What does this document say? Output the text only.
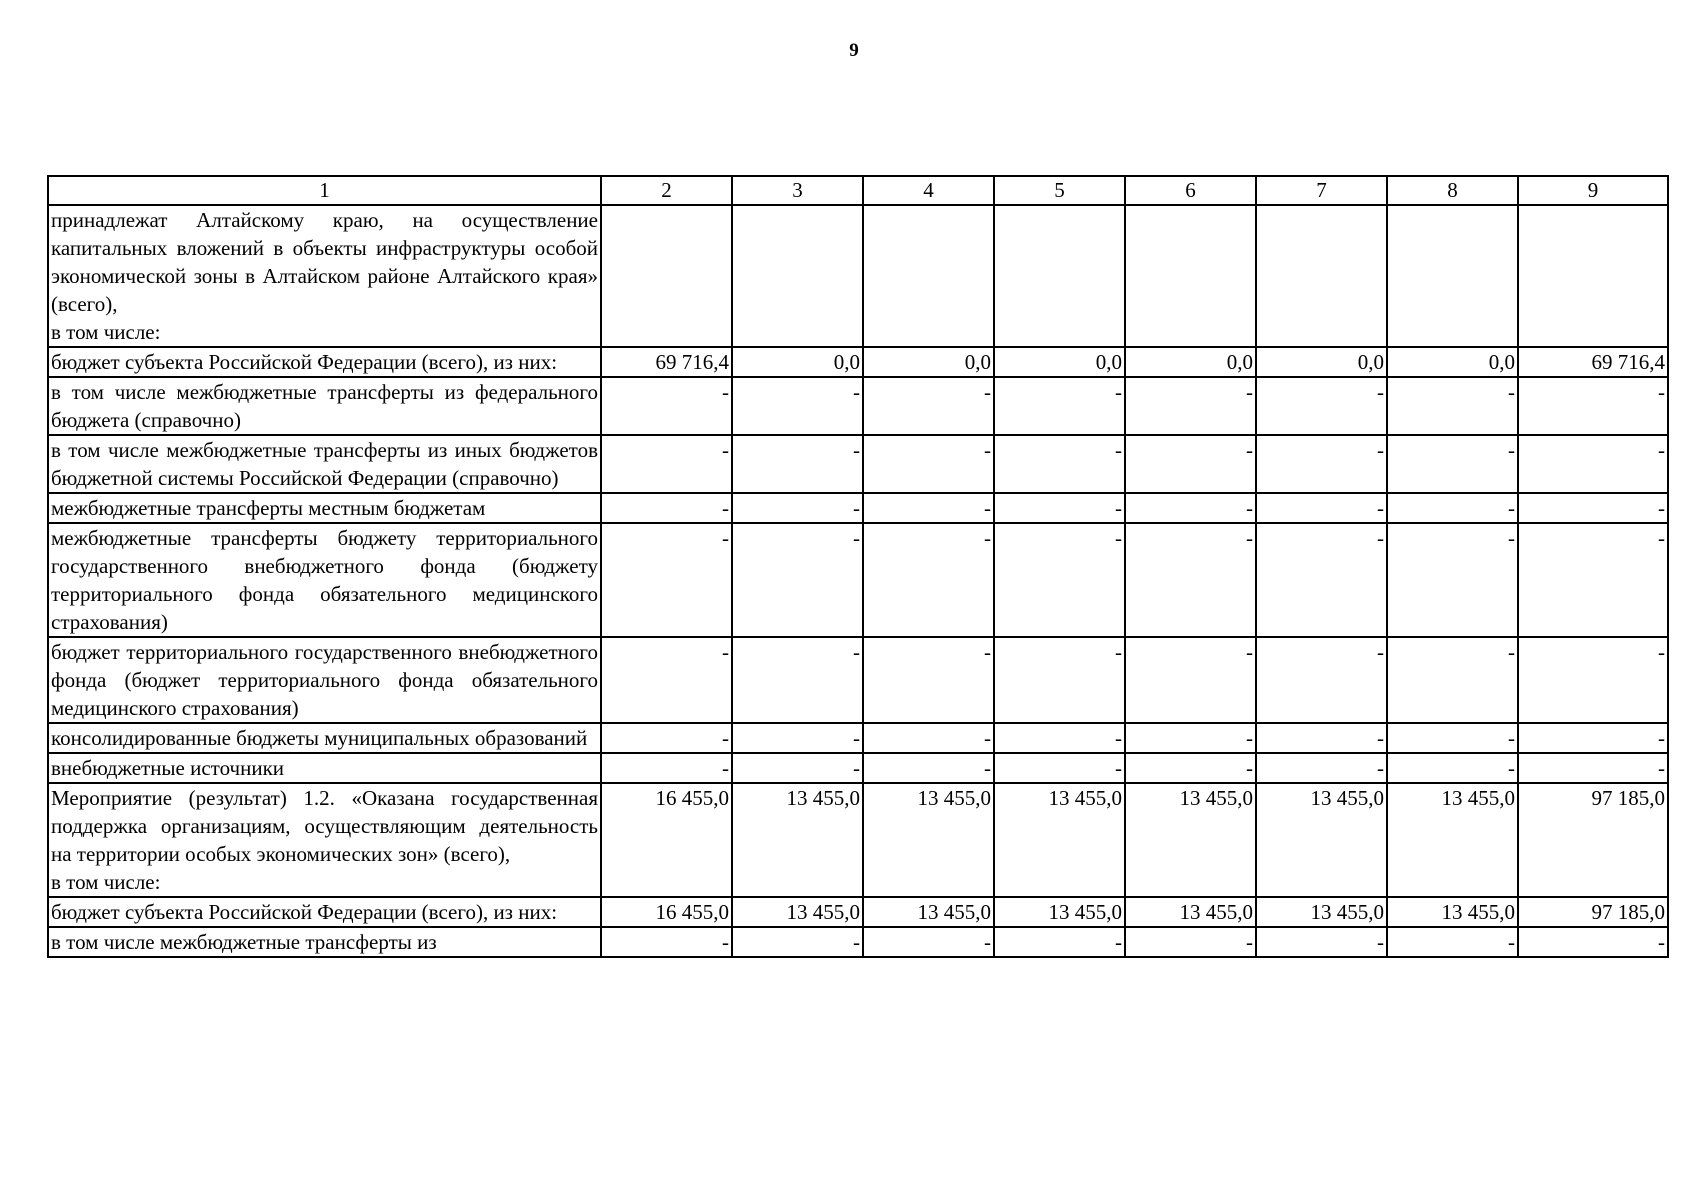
9
1	2	3	4	5	6	7	8	9
принадлежат Алтайскому краю, на осуществление капитальных вложений в объекты инфраструктуры особой экономической зоны в Алтайском районе Алтайского края» (всего),
в том числе:								
бюджет субъекта Российской Федерации (всего), из них:	69 716,4	0,0	0,0	0,0	0,0	0,0	0,0	69 716,4
в том числе межбюджетные трансферты из федерального бюджета (справочно)	-	-	-	-	-	-	-	-
в том числе межбюджетные трансферты из иных бюджетов бюджетной системы Российской Федерации (справочно)	-	-	-	-	-	-	-	-
межбюджетные трансферты местным бюджетам	-	-	-	-	-	-	-	-
межбюджетные трансферты бюджету территориального государственного внебюджетного фонда (бюджету территориального фонда обязательного медицинского страхования)	-	-	-	-	-	-	-	-
бюджет территориального государственного внебюджетного фонда (бюджет территориального фонда обязательного медицинского страхования)	-	-	-	-	-	-	-	-
консолидированные бюджеты муниципальных образований	-	-	-	-	-	-	-	-
внебюджетные источники	-	-	-	-	-	-	-	-
Мероприятие (результат) 1.2. «Оказана государственная поддержка организациям, осуществляющим деятельность на территории особых экономических зон» (всего),
в том числе:	16 455,0	13 455,0	13 455,0	13 455,0	13 455,0	13 455,0	13 455,0	97 185,0
бюджет субъекта Российской Федерации (всего), из них:	16 455,0	13 455,0	13 455,0	13 455,0	13 455,0	13 455,0	13 455,0	97 185,0
в том числе межбюджетные трансферты из	-	-	-	-	-	-	-	-
